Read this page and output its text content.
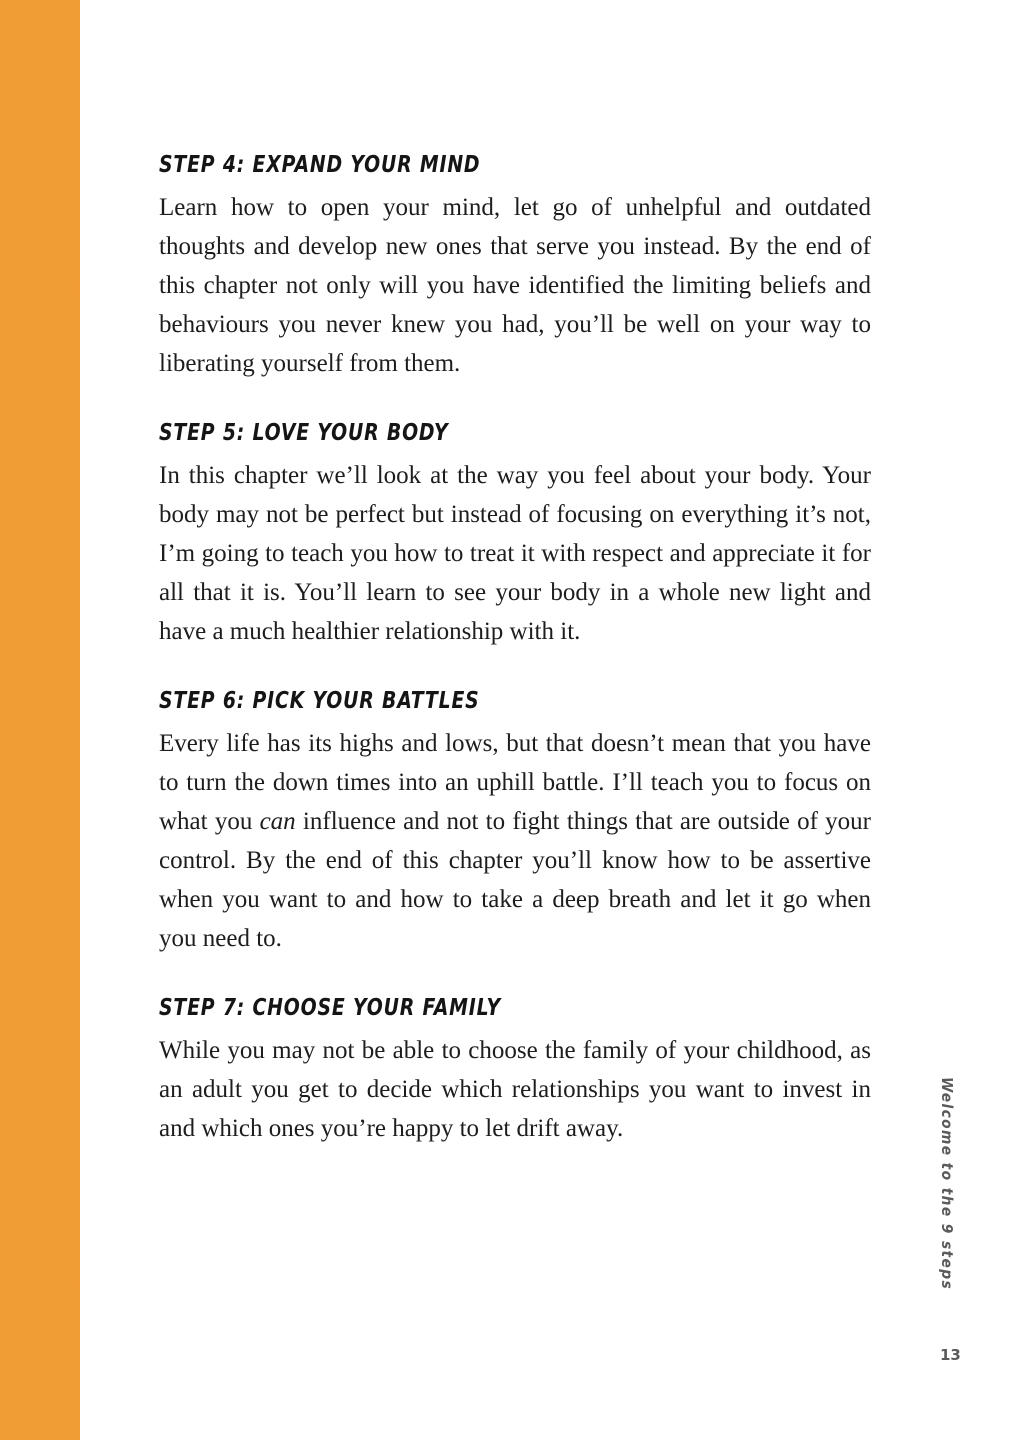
STEP 4: EXPAND YOUR MIND

Learn how to open your mind, let go of unhelpful and outdated thoughts and develop new ones that serve you instead. By the end of this chapter not only will you have identified the limiting beliefs and behaviours you never knew you had, you’ll be well on your way to liberating yourself from them.

STEP 5: LOVE YOUR BODY

In this chapter we’ll look at the way you feel about your body. Your body may not be perfect but instead of focusing on everything it’s not, I’m going to teach you how to treat it with respect and appreciate it for all that it is. You’ll learn to see your body in a whole new light and have a much healthier relationship with it.

STEP 6: PICK YOUR BATTLES

Every life has its highs and lows, but that doesn’t mean that you have to turn the down times into an uphill battle. I’ll teach you to focus on what you can influence and not to fight things that are outside of your control. By the end of this chapter you’ll know how to be assertive when you want to and how to take a deep breath and let it go when you need to.

STEP 7: CHOOSE YOUR FAMILY

While you may not be able to choose the family of your childhood, as an adult you get to decide which relationships you want to invest in and which ones you’re happy to let drift away.	Welcome to the 9 steps
13
